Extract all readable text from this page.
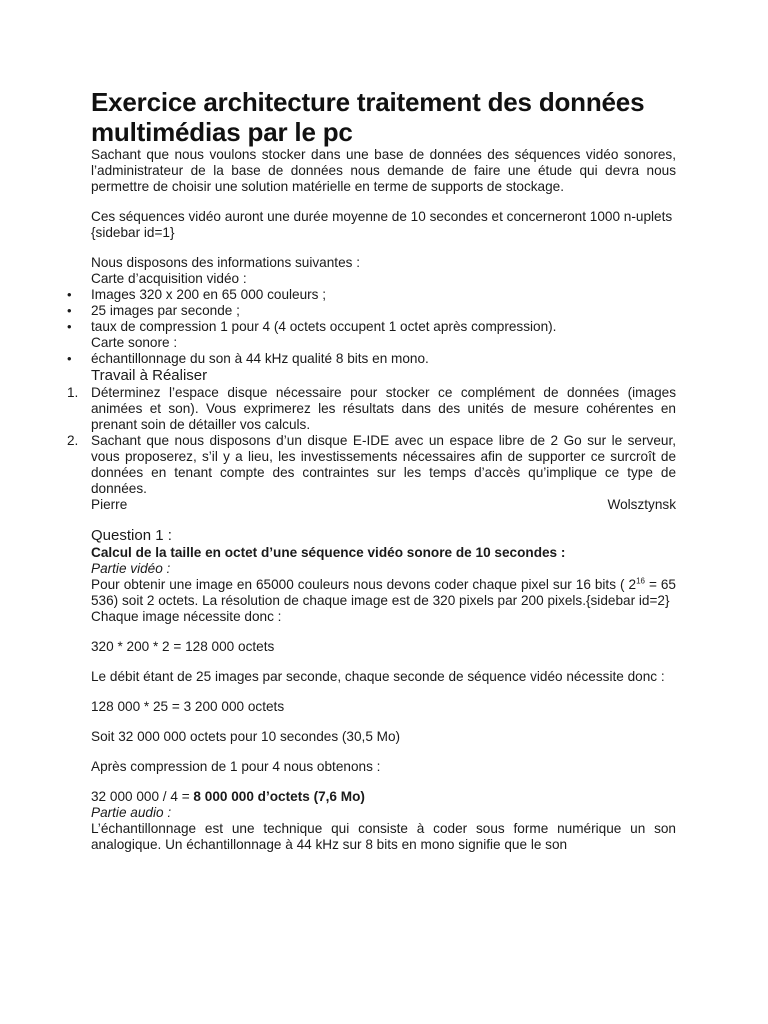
Exercice architecture traitement des données multimédias par le pc

Sachant que nous voulons stocker dans une base de données des séquences vidéo sonores, l’administrateur de la base de données nous demande de faire une étude qui devra nous permettre de choisir une solution matérielle en terme de supports de stockage.

Ces séquences vidéo auront une durée moyenne de 10 secondes et concerneront 1000 n-uplets {sidebar id=1}

Nous disposons des informations suivantes :

Carte d’acquisition vidéo :

• Images 320 x 200 en 65 000 couleurs ;
• 25 images par seconde ;
• taux de compression 1 pour 4 (4 octets occupent 1 octet après compression).
Carte sonore :
• échantillonnage du son à 44 kHz qualité 8 bits en mono.

Travail à Réaliser

1. Déterminez l’espace disque nécessaire pour stocker ce complément de données (images animées et son). Vous exprimerez les résultats dans des unités de mesure cohérentes en prenant soin de détailler vos calculs.
2. Sachant que nous disposons d’un disque E-IDE avec un espace libre de 2 Go sur le serveur, vous proposerez, s’il y a lieu, les investissements nécessaires afin de supporter ce surcroît de données en tenant compte des contraintes sur les temps d’accès qu’implique ce type de données.
Pierre	Wolsztynsk

Question 1 :

Calcul de la taille en octet d’une séquence vidéo sonore de 10 secondes :

Partie vidéo :

Pour obtenir une image en 65000 couleurs nous devons coder chaque pixel sur 16 bits ( $2^{16} = 65$ 536) soit 2 octets. La résolution de chaque image est de 320 pixels par 200 pixels.{sidebar id=2}

Chaque image nécessite donc :

320 * 200 * 2 = 128 000 octets

Le débit étant de 25 images par seconde, chaque seconde de séquence vidéo nécessite donc :

128 000 * 25 = 3 200 000 octets

Soit 32 000 000 octets pour 10 secondes (30,5 Mo)

Après compression de 1 pour 4 nous obtenons :

32 000 000 / 4 = 8 000 000 d’octets (7,6 Mo)

Partie audio :

L’échantillonnage est une technique qui consiste à coder sous forme numérique un son analogique. Un échantillonnage à 44 kHz sur 8 bits en mono signifie que le son
